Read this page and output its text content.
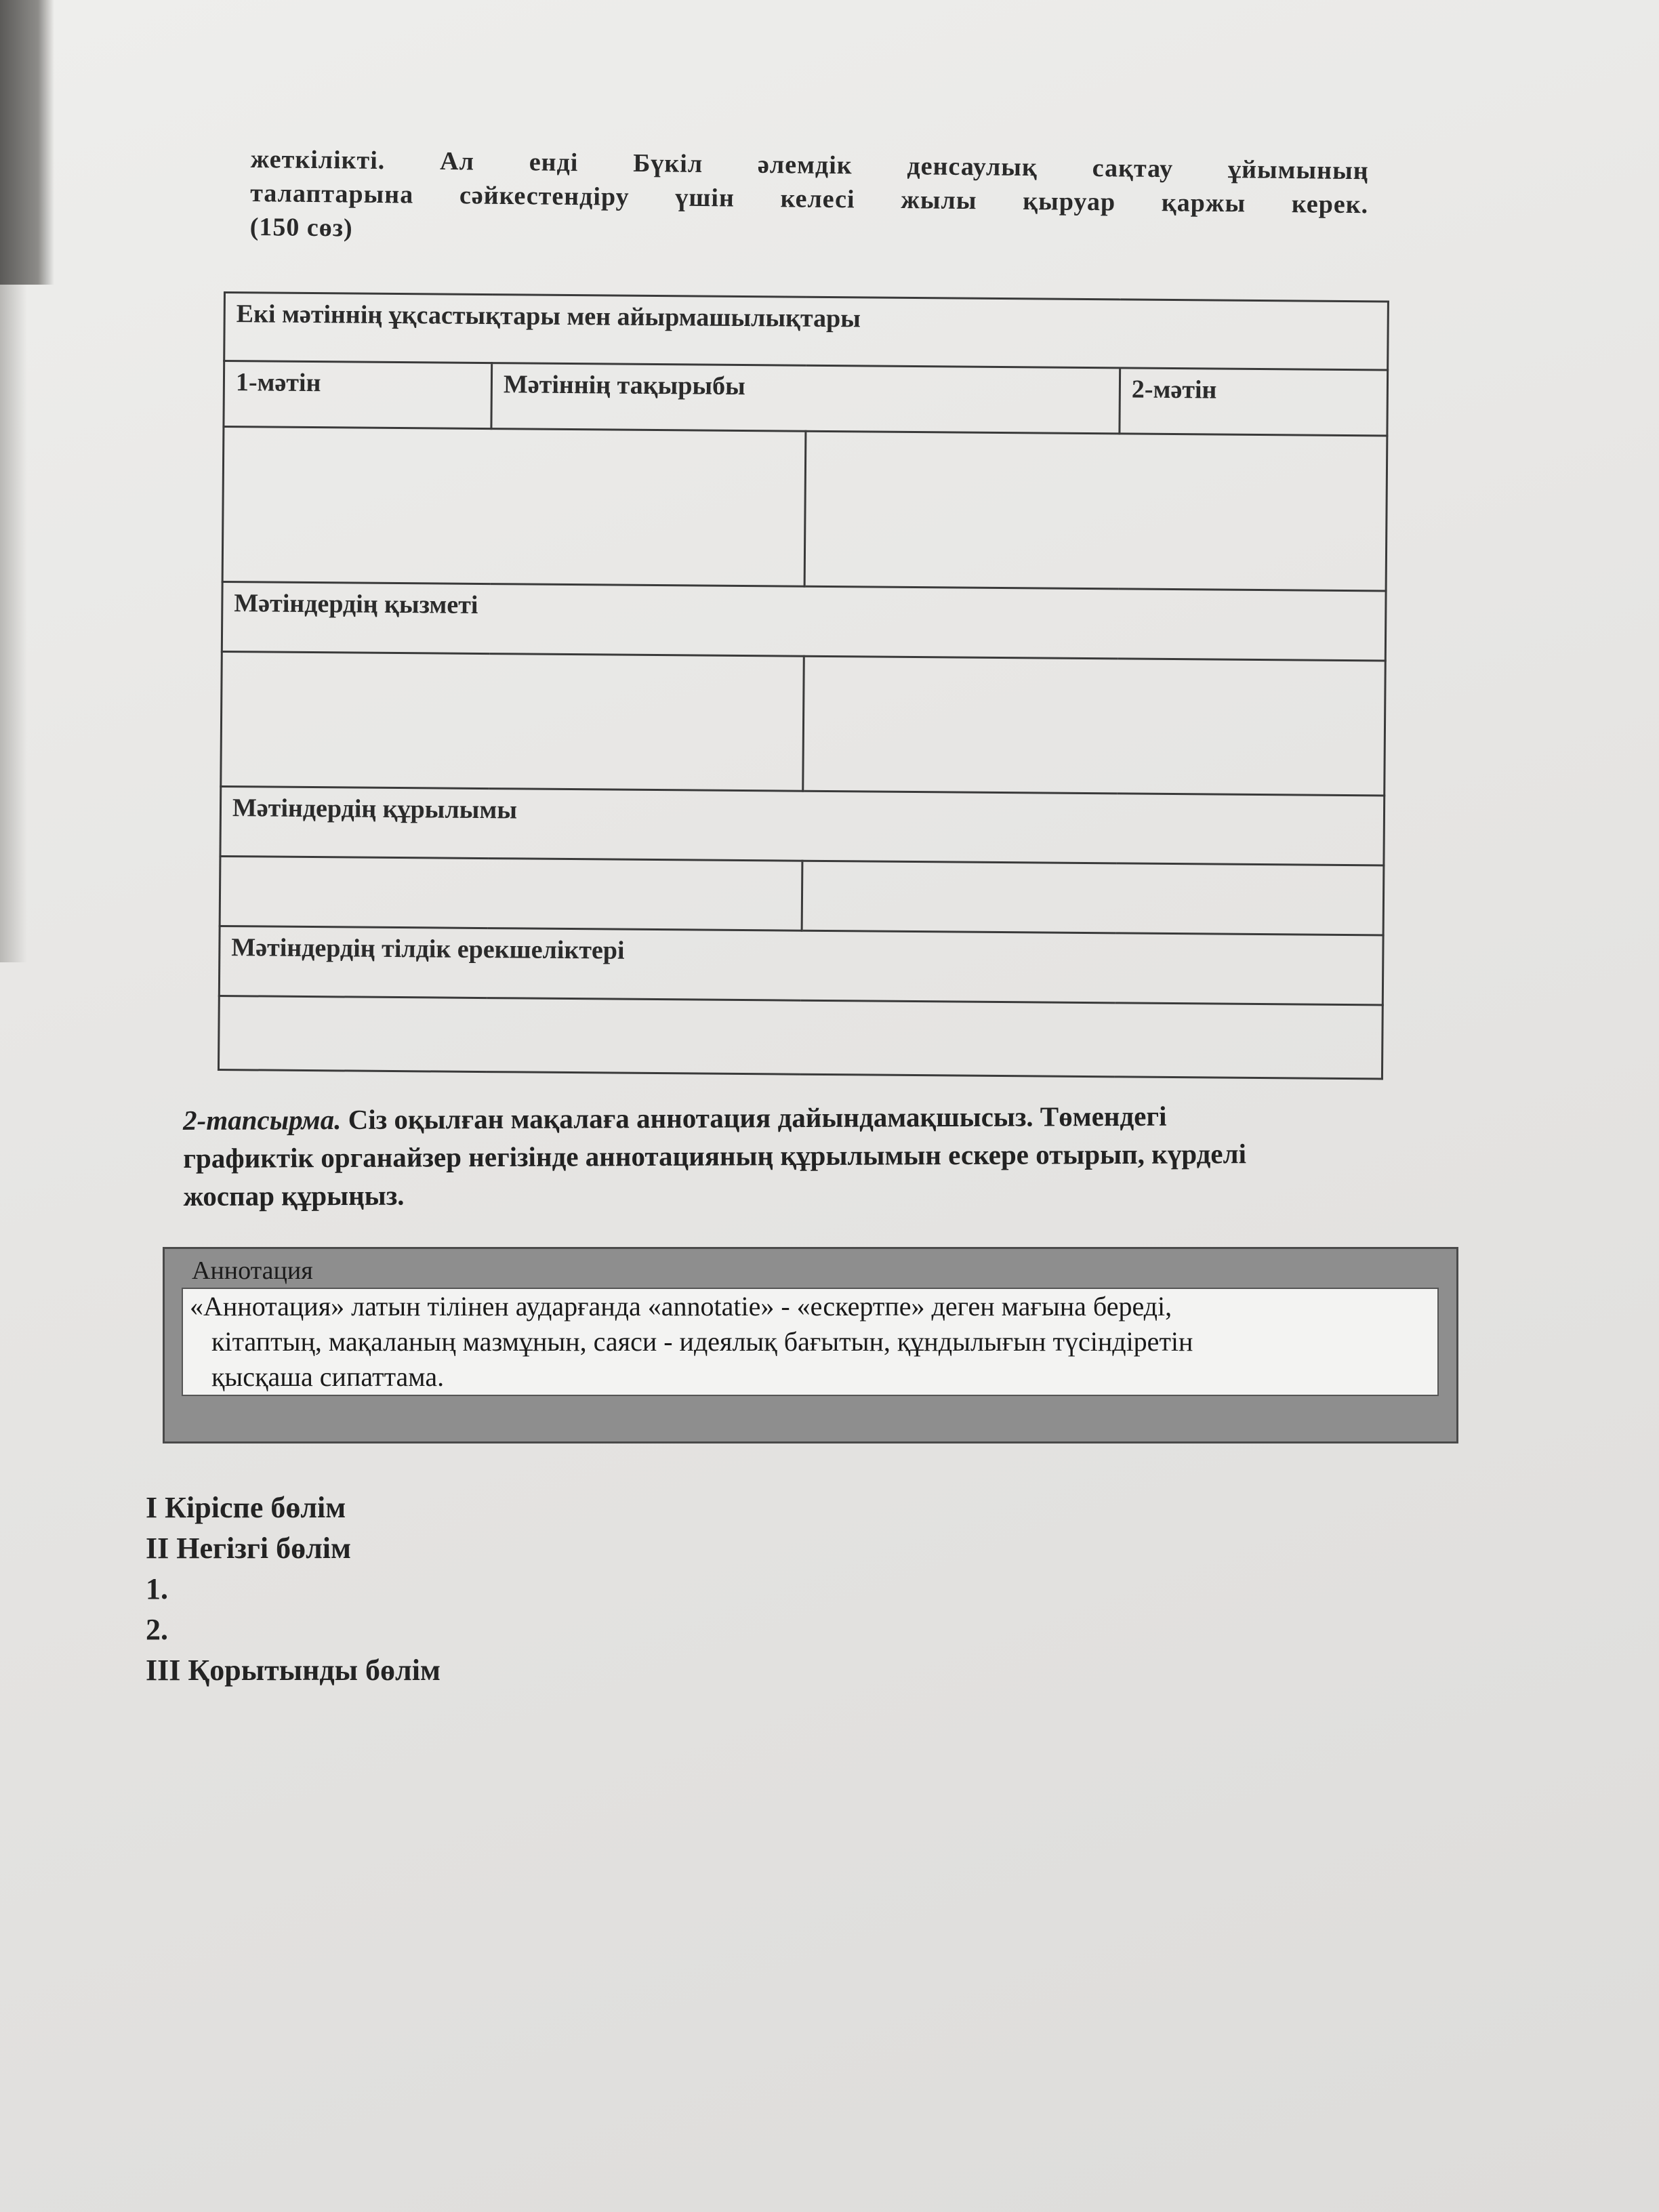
жеткілікті. Ал енді Бүкіл әлемдік денсаулық сақтау ұйымының

талаптарына сәйкестендіру үшін келесі жылы қыруар қаржы керек.

(150 сөз)

Екі мәтіннің ұқсастықтары мен айырмашылықтары			
1-мәтін	Мәтіннің тақырыбы		2-мәтін

Мәтіндердің қызметі			

Мәтіндердің құрылымы			

Мәтіндердің тілдік ерекшеліктері			

2-тапсырма. Сіз оқылған мақалаға аннотация дайындамақшысыз. Төмендегі

графиктік органайзер негізінде аннотацияның құрылымын ескере отырып, күрделі

жоспар құрыңыз.

Аннотация

«Аннотация» латын тілінен аударғанда «annotatie» - «ескертпе» деген мағына береді,

кітаптың, мақаланың мазмұнын, саяси - идеялық бағытын, құндылығын түсіндіретін

қысқаша сипаттама.

I Кіріспе бөлім
II Негізгі бөлім
1.
2.
III Қорытынды бөлім
